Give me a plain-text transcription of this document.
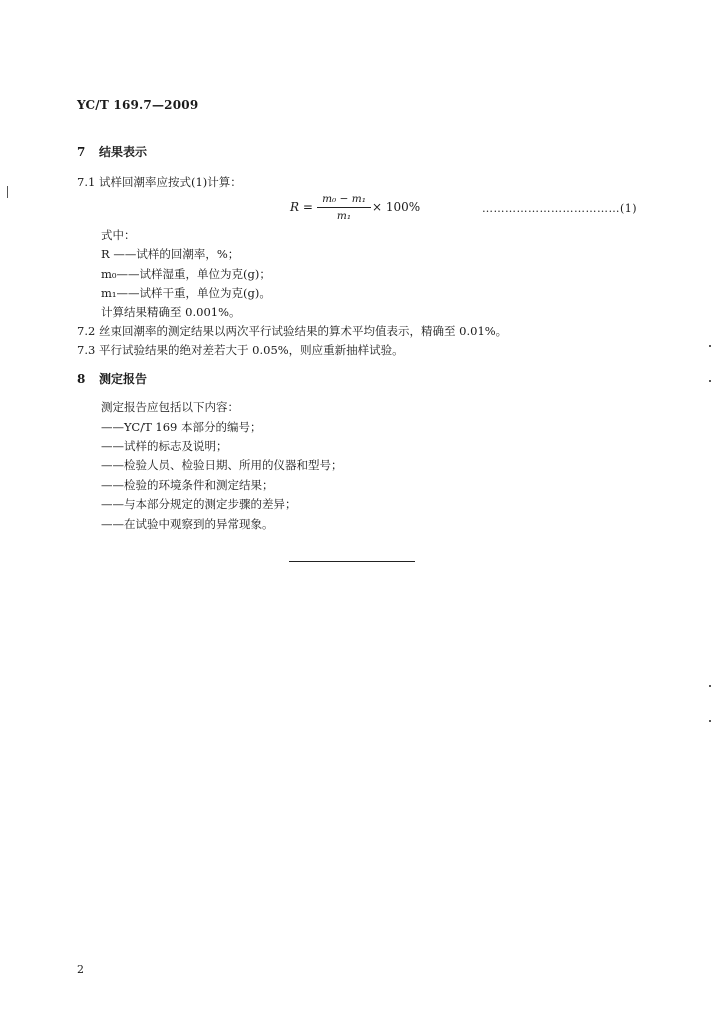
YC/T 169.7—2009
7 结果表示
7.1 试样回潮率应按式(1)计算：
R =
m₀ − m₁
m₁
× 100%	………………………………(1)
式中：
R ——试样的回潮率，%；
m₀——试样湿重，单位为克(g)；
m₁——试样干重，单位为克(g)。
计算结果精确至 0.001%。
7.2 丝束回潮率的测定结果以两次平行试验结果的算术平均值表示，精确至 0.01%。
7.3 平行试验结果的绝对差若大于 0.05%，则应重新抽样试验。
8 测定报告
测定报告应包括以下内容：
——YC/T 169 本部分的编号；
——试样的标志及说明；
——检验人员、检验日期、所用的仪器和型号；
——检验的环境条件和测定结果；
——与本部分规定的测定步骤的差异；
——在试验中观察到的异常现象。
2
